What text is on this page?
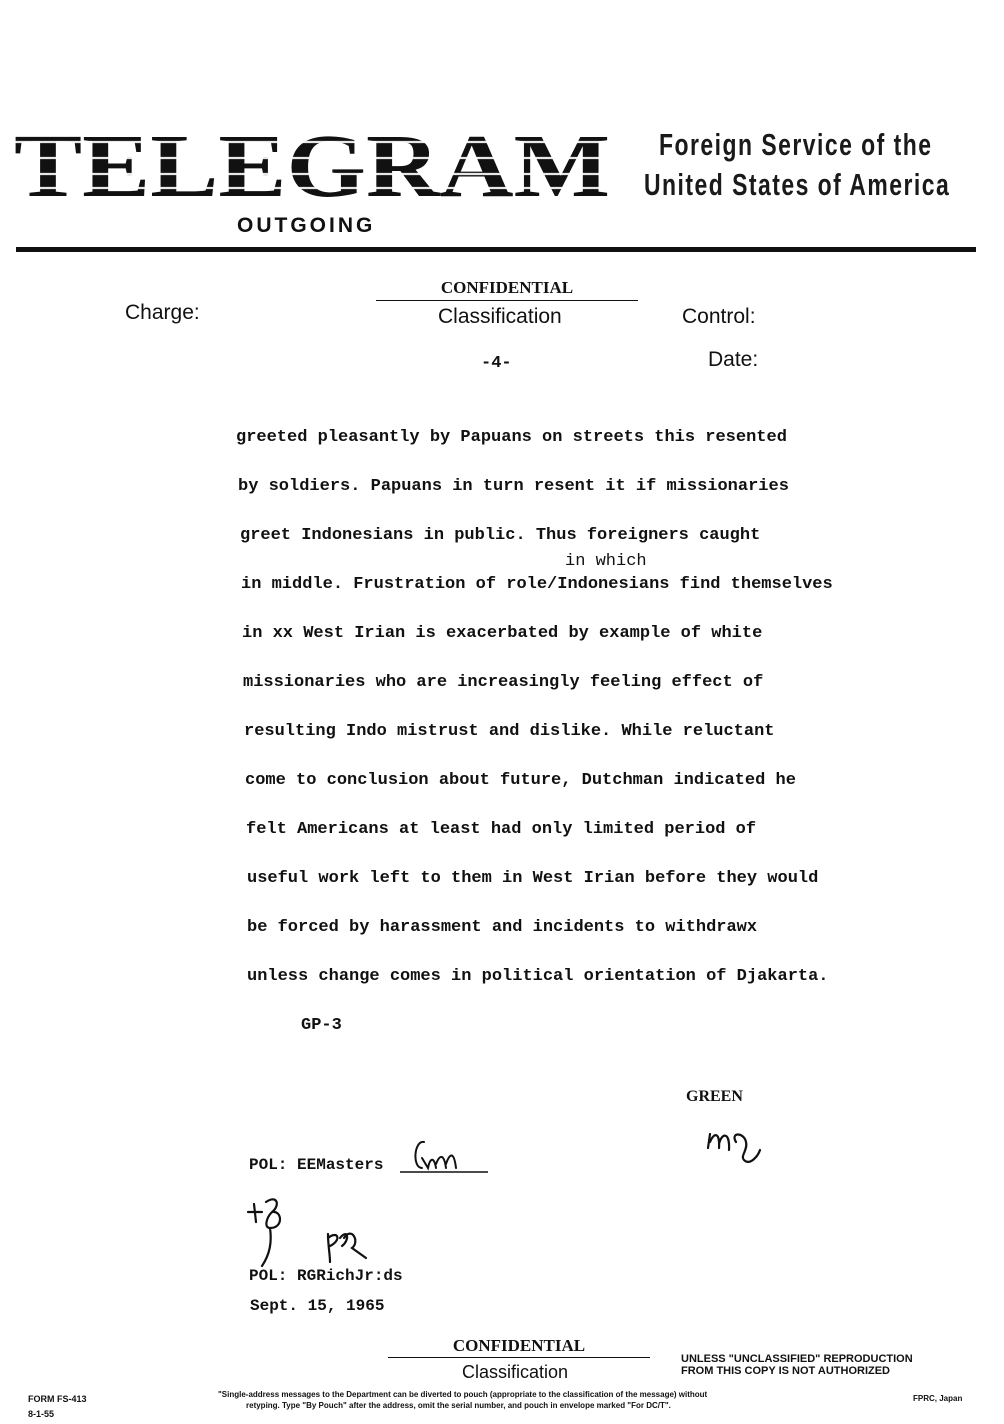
TELEGRAM Foreign Service of the
United States of America
OUTGOING
CONFIDENTIAL
Classification
Charge:	Control:
Date:
-4-
greeted pleasantly by Papuans on streets this resented
by soldiers. Papuans in turn resent it if missionaries
greet Indonesians in public. Thus foreigners caught
in which
in middle. Frustration of role/Indonesians find themselves
in xx West Irian is exacerbated by example of white
missionaries who are increasingly feeling effect of
resulting Indo mistrust and dislike. While reluctant
come to conclusion about future, Dutchman indicated he
felt Americans at least had only limited period of
useful work left to them in West Irian before they would
be forced by harassment and incidents to withdrawx
unless change comes in political orientation of Djakarta.
GP-3
GREEN
POL: EEMasters
POL: RGRichJr:ds
Sept. 15, 1965
CONFIDENTIAL
Classification
UNLESS "UNCLASSIFIED" REPRODUCTION FROM THIS COPY IS NOT AUTHORIZED
FORM FS-413
8-1-55
"Single-address messages to the Department can be diverted to pouch (appropriate to the classification of the message) without
retyping. Type "By Pouch" after the address, omit the serial number, and pouch in envelope marked "For DC/T".
FPRC, Japan
